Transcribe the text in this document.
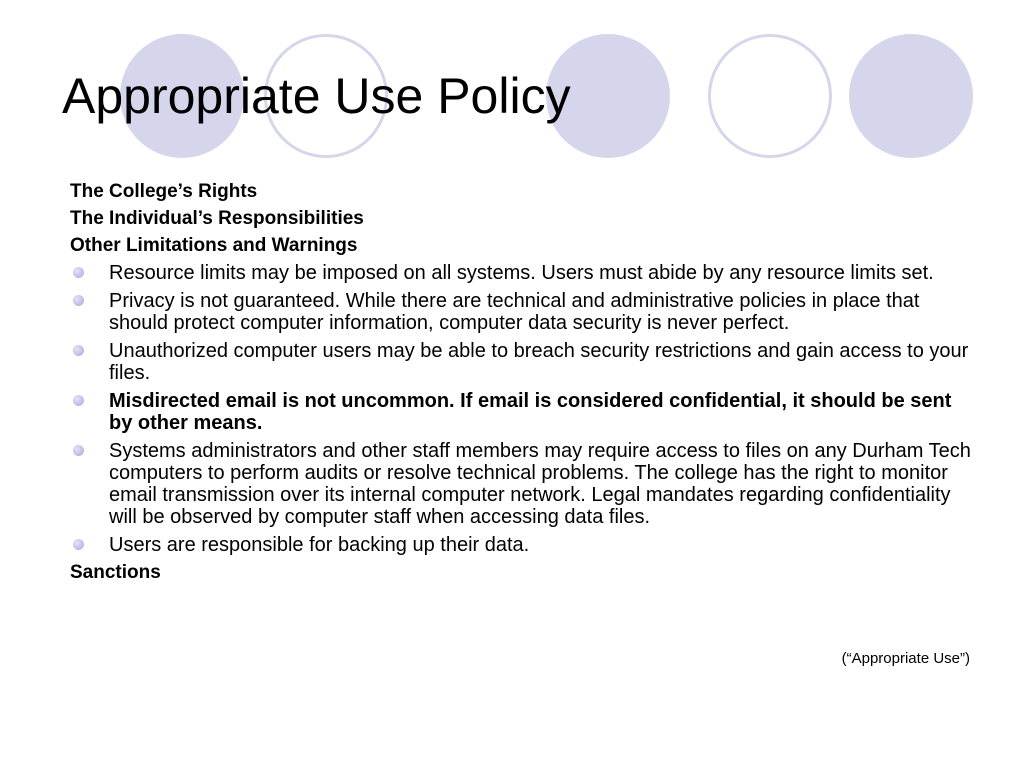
Appropriate Use Policy

The College’s Rights

The Individual’s Responsibilities

Other Limitations and Warnings

Resource limits may be imposed on all systems. Users must abide by any resource limits set.
Privacy is not guaranteed. While there are technical and administrative policies in place that should protect computer information, computer data security is never perfect.
Unauthorized computer users may be able to breach security restrictions and gain access to your files.
Misdirected email is not uncommon. If email is considered confidential, it should be sent by other means.
Systems administrators and other staff members may require access to files on any Durham Tech computers to perform audits or resolve technical problems. The college has the right to monitor email transmission over its internal computer network. Legal mandates regarding confidentiality will be observed by computer staff when accessing data files.
Users are responsible for backing up their data.

Sanctions

(“Appropriate Use”)
